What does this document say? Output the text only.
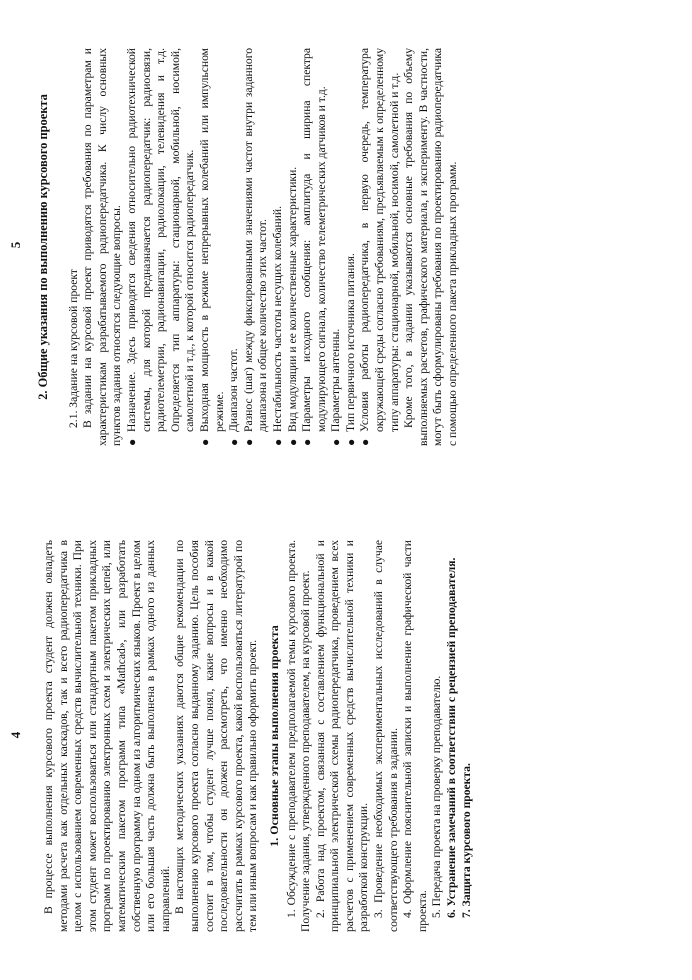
4 В процессе выполнения курсового проекта студент должен овладеть методами расчета как отдельных каскадов, так и всего радиопередатчика в целом с использованием современных средств вычислительной техники. При этом студент может воспользоваться или стандартным пакетом прикладных программ по проектированию электронных схем и электрических цепей, или математическим пакетом программ типа «Mathcad», или разработать собственную программу на одном из алгоритмических языков. Проект в целом или его большая часть должна быть выполнена в рамках одного из данных направлений. В настоящих методических указаниях даются общие рекомендации по выполнению курсового проекта согласно выданному заданию. Цель пособия состоит в том, чтобы студент лучше понял, какие вопросы и в какой последовательности он должен рассмотреть, что именно необходимо рассчитать в рамках курсового проекта, какой воспользоваться литературой по тем или иным вопросам и как правильно оформить проект. 1. Основные этапы выполнения проекта 1. Обсуждение с преподавателем предполагаемой темы курсового проекта. Получение задания, утвержденного преподавателем, на курсовой проект. 2. Работа над проектом, связанная с составлением функциональной и принципиальной электрической схемы радиопередатчика, проведением всех расчетов с применением современных средств вычислительной техники и разработкой конструкции. 3. Проведение необходимых экспериментальных исследований в случае соответствующего требования в задании. 4. Оформление пояснительной записки и выполнение графической части проекта. 5. Передача проекта на проверку преподавателю. 6. Устранение замечаний в соответствии с рецензией преподавателя. 7. Защита курсового проекта.

5 2. Общие указания по выполнению курсового проекта 2.1. Задание на курсовой проект В задании на курсовой проект приводятся требования по параметрам и характеристикам разрабатываемого радиопередатчика. К числу основных пунктов задания относятся следующие вопросы. ●
Назначение. Здесь приводятся сведения относительно радиотехнической системы, для которой предназначается радиопередатчик: радиосвязи, радиотелеметрии, радионавигации, радиолокации, телевидения и т.д. Определяется тип аппаратуры: стационарной, мобильной, носимой, самолетной и т.д., к которой относится радиопередатчик.
●
Выходная мощность в режиме непрерывных колебаний или импульсном режиме.
●
Диапазон частот.
●
Разнос (шаг) между фиксированными значениями частот внутри заданного диапазона и общее количество этих частот.
●
Нестабильность частоты несущих колебаний.
●
Вид модуляции и ее количественные характеристики.
●
Параметры исходного сообщения: амплитуда и ширина спектра модулирующего сигнала, количество телеметрических датчиков и т.д.
●
Параметры антенны.
●
Тип первичного источника питания.
●
Условия работы радиопередатчика, в первую очередь, температура окружающей среды согласно требованиям, предъявляемым к определенному типу аппаратуры: стационарной, мобильной, носимой, самолетной и т.д. Кроме того, в задании указываются основные требования по объему выполняемых расчетов, графического материала, и эксперименту. В частности, могут быть сформулированы требования по проектированию радиопередатчика с помощью определенного пакета прикладных программ.
